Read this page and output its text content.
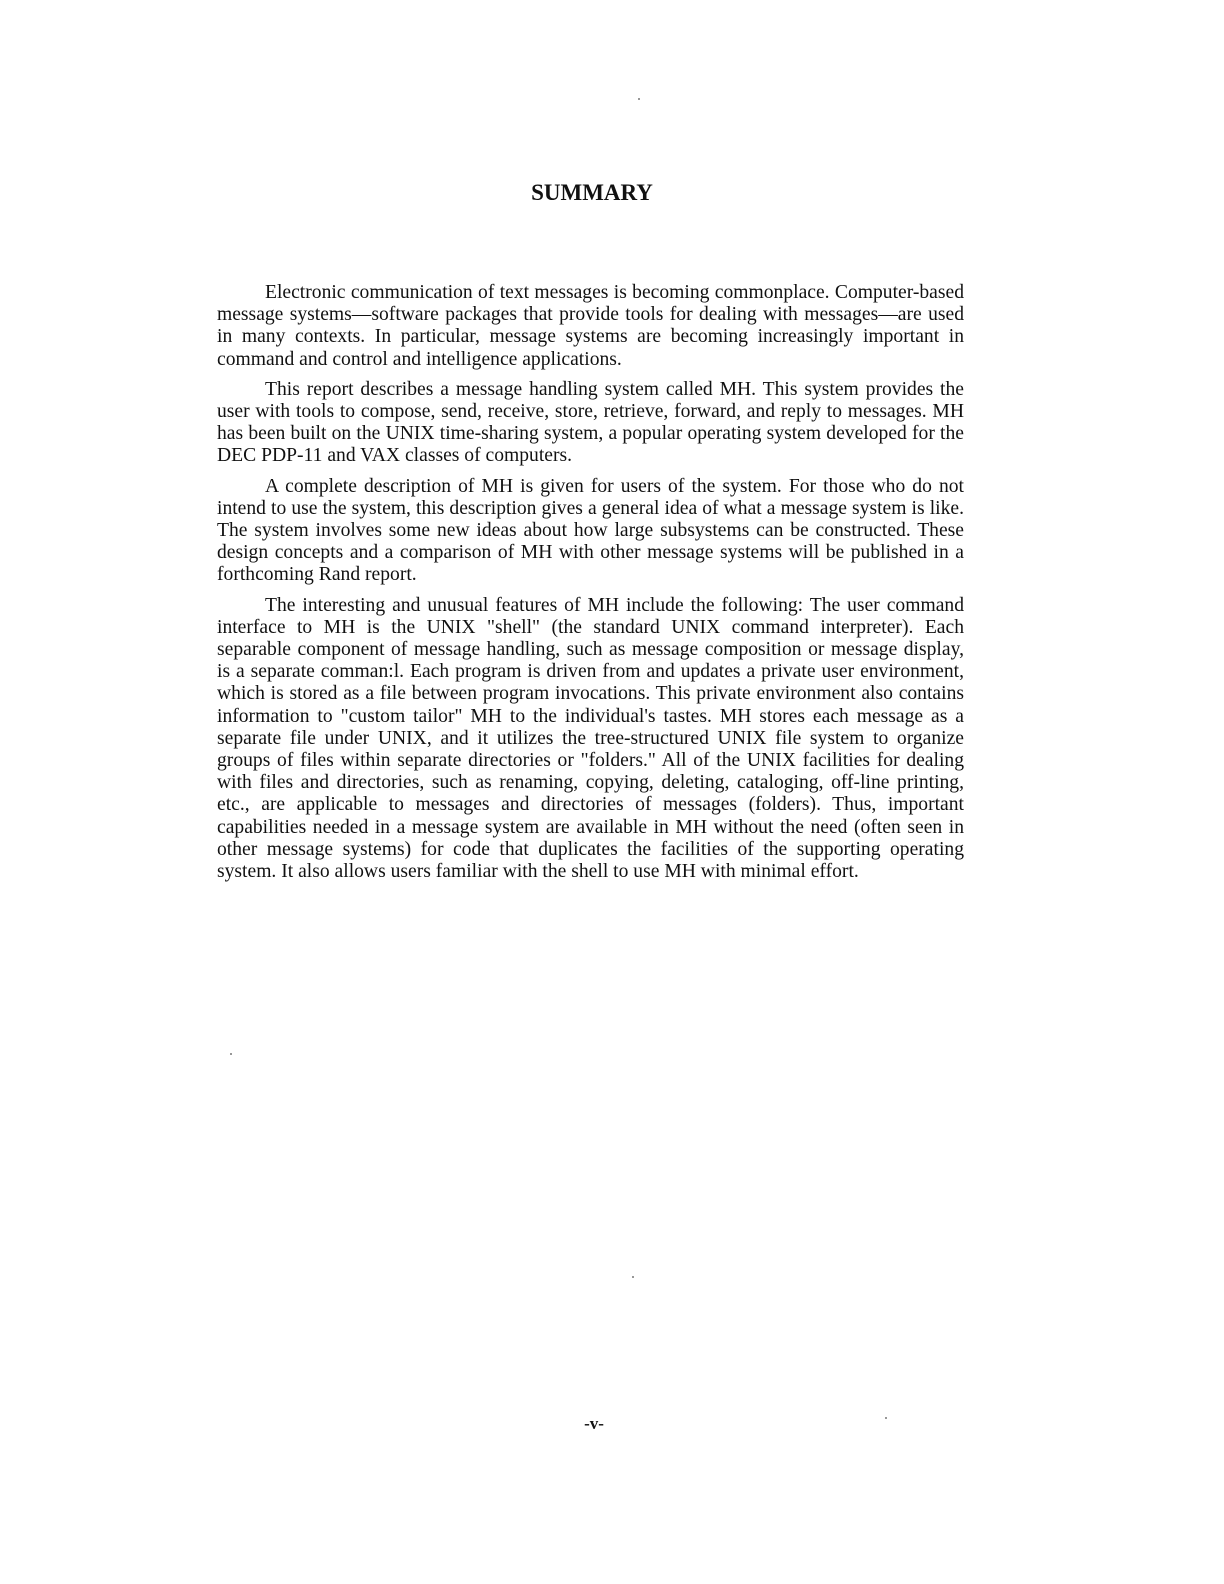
SUMMARY

Electronic communication of text messages is becoming commonplace. Computer-based message systems—software packages that provide tools for dealing with messages—are used in many contexts. In particular, message systems are becoming increasingly important in command and control and intelligence applications.

This report describes a message handling system called MH. This system provides the user with tools to compose, send, receive, store, retrieve, forward, and reply to messages. MH has been built on the UNIX time-sharing system, a popular operating system developed for the DEC PDP-11 and VAX classes of computers.

A complete description of MH is given for users of the system. For those who do not intend to use the system, this description gives a general idea of what a message system is like. The system involves some new ideas about how large subsystems can be constructed. These design concepts and a comparison of MH with other message systems will be published in a forthcoming Rand report.

The interesting and unusual features of MH include the following: The user command interface to MH is the UNIX "shell" (the standard UNIX command interpreter). Each separable component of message handling, such as message composition or message display, is a separate comman:l. Each program is driven from and updates a private user environment, which is stored as a file between program invocations. This private environment also contains information to "custom tailor" MH to the individual's tastes. MH stores each message as a separate file under UNIX, and it utilizes the tree-structured UNIX file system to organize groups of files within separate directories or "folders." All of the UNIX facilities for dealing with files and directories, such as renaming, copying, deleting, cataloging, off-line printing, etc., are applicable to messages and directories of messages (folders). Thus, important capabilities needed in a message system are available in MH without the need (often seen in other message systems) for code that duplicates the facilities of the supporting operating system. It also allows users familiar with the shell to use MH with minimal effort.

-v-
